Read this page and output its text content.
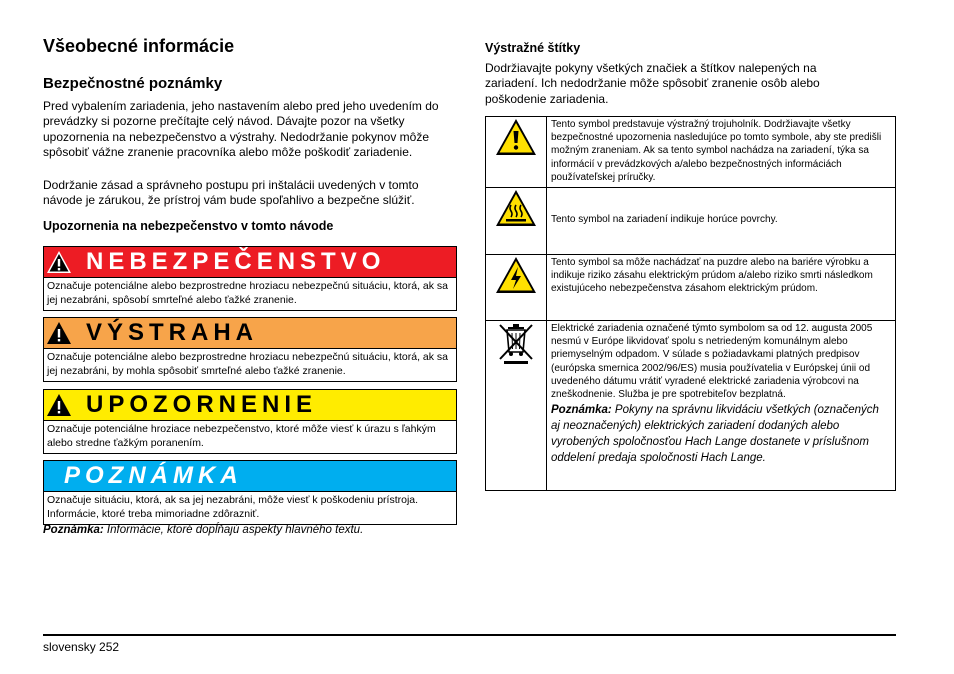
Všeobecné informácie
Bezpečnostné poznámky

Pred vybalením zariadenia, jeho nastavením alebo pred jeho uvedením do prevádzky si pozorne prečítajte celý návod. Dávajte pozor na všetky upozornenia na nebezpečenstvo a výstrahy. Nedodržanie pokynov môže spôsobiť vážne zranenie pracovníka alebo môže poškodiť zariadenie.

Dodržanie zásad a správneho postupu pri inštalácii uvedených v tomto návode je zárukou, že prístroj vám bude spoľahlivo a bezpečne slúžiť.

Upozornenia na nebezpečenstvo v tomto návode
NEBEZPEČENSTVO
Označuje potenciálne alebo bezprostredne hroziacu nebezpečnú situáciu, ktorá, ak sa jej nezabráni, spôsobí smrteľné alebo ťažké zranenie.
VÝSTRAHA
Označuje potenciálne alebo bezprostredne hroziacu nebezpečnú situáciu, ktorá, ak sa jej nezabráni, by mohla spôsobiť smrteľné alebo ťažké zranenie.
UPOZORNENIE
Označuje potenciálne hroziace nebezpečenstvo, ktoré môže viesť k úrazu s ľahkým alebo stredne ťažkým poranením.
POZNÁMKA
Označuje situáciu, ktorá, ak sa jej nezabráni, môže viesť k poškodeniu prístroja. Informácie, ktoré treba mimoriadne zdôrazniť.
Poznámka: Informácie, ktoré dopĺňajú aspekty hlavného textu.
Výstražné štítky

Dodržiavajte pokyny všetkých značiek a štítkov nalepených na zariadení. Ich nedodržanie môže spôsobiť zranenie osôb alebo poškodenie zariadenia.

	Tento symbol predstavuje výstražný trojuholník. Dodržiavajte všetky bezpečnostné upozornenia nasledujúce po tomto symbole, aby ste predišli možným zraneniam. Ak sa tento symbol nachádza na zariadení, týka sa informácií v prevádzkových a/alebo bezpečnostných informáciách používateľskej príručky.
	Tento symbol na zariadení indikuje horúce povrchy.
	Tento symbol sa môže nachádzať na puzdre alebo na bariére výrobku a indikuje riziko zásahu elektrickým prúdom a/alebo riziko smrti následkom existujúceho nebezpečenstva zásahom elektrickým prúdom.

Elektrické zariadenia označené týmto symbolom sa od 12. augusta 2005 nesmú v Európe likvidovať spolu s netriedeným komunálnym alebo priemyselným odpadom. V súlade s požiadavkami platných predpisov (európska smernica 2002/96/ES) musia používatelia v Európskej únii od uvedeného dátumu vrátiť vyradené elektrické zariadenia výrobcovi na zneškodnenie. Služba je pre spotrebiteľov bezplatná.

Poznámka: Pokyny na správnu likvidáciu všetkých (označených aj neoznačených) elektrických zariadení dodaných alebo vyrobených spoločnosťou Hach Lange dostanete v príslušnom oddelení predaja spoločnosti Hach Lange.

slovensky 252
